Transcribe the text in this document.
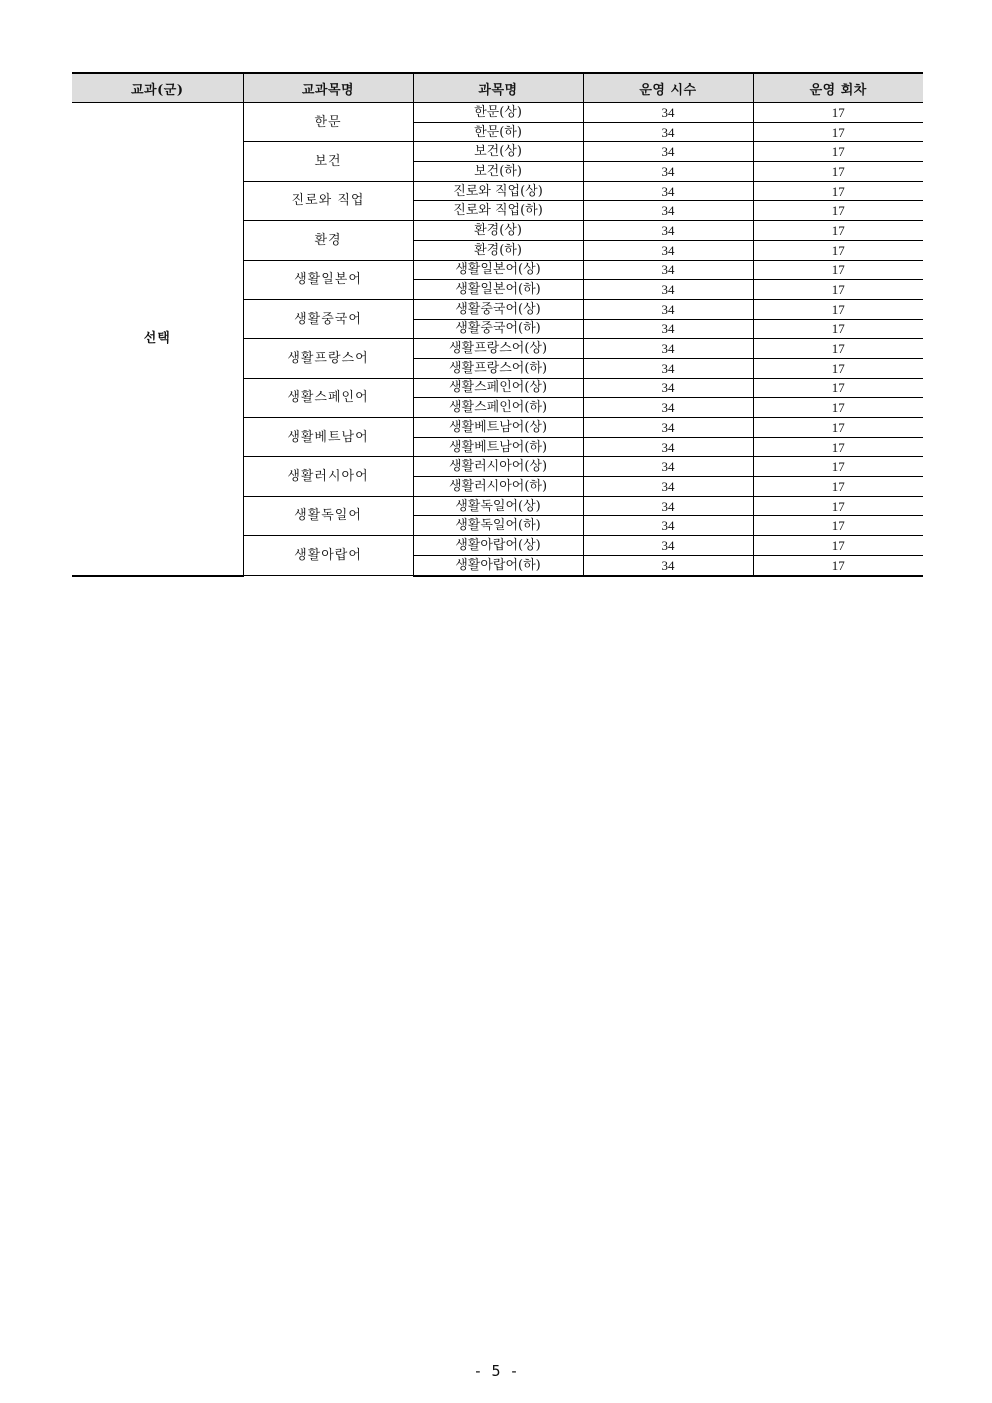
교과(군)	교과목명	과목명	운영 시수	운영 회차
선택	한문	한문(상)	34	17
		한문(하)	34	17
	보건	보건(상)	34	17
		보건(하)	34	17
	진로와 직업	진로와 직업(상)	34	17
		진로와 직업(하)	34	17
	환경	환경(상)	34	17
		환경(하)	34	17
	생활일본어	생활일본어(상)	34	17
		생활일본어(하)	34	17
	생활중국어	생활중국어(상)	34	17
		생활중국어(하)	34	17
	생활프랑스어	생활프랑스어(상)	34	17
		생활프랑스어(하)	34	17
	생활스페인어	생활스페인어(상)	34	17
		생활스페인어(하)	34	17
	생활베트남어	생활베트남어(상)	34	17
		생활베트남어(하)	34	17
	생활러시아어	생활러시아어(상)	34	17
		생활러시아어(하)	34	17
	생활독일어	생활독일어(상)	34	17
		생활독일어(하)	34	17
	생활아랍어	생활아랍어(상)	34	17
		생활아랍어(하)	34	17
- 5 -
